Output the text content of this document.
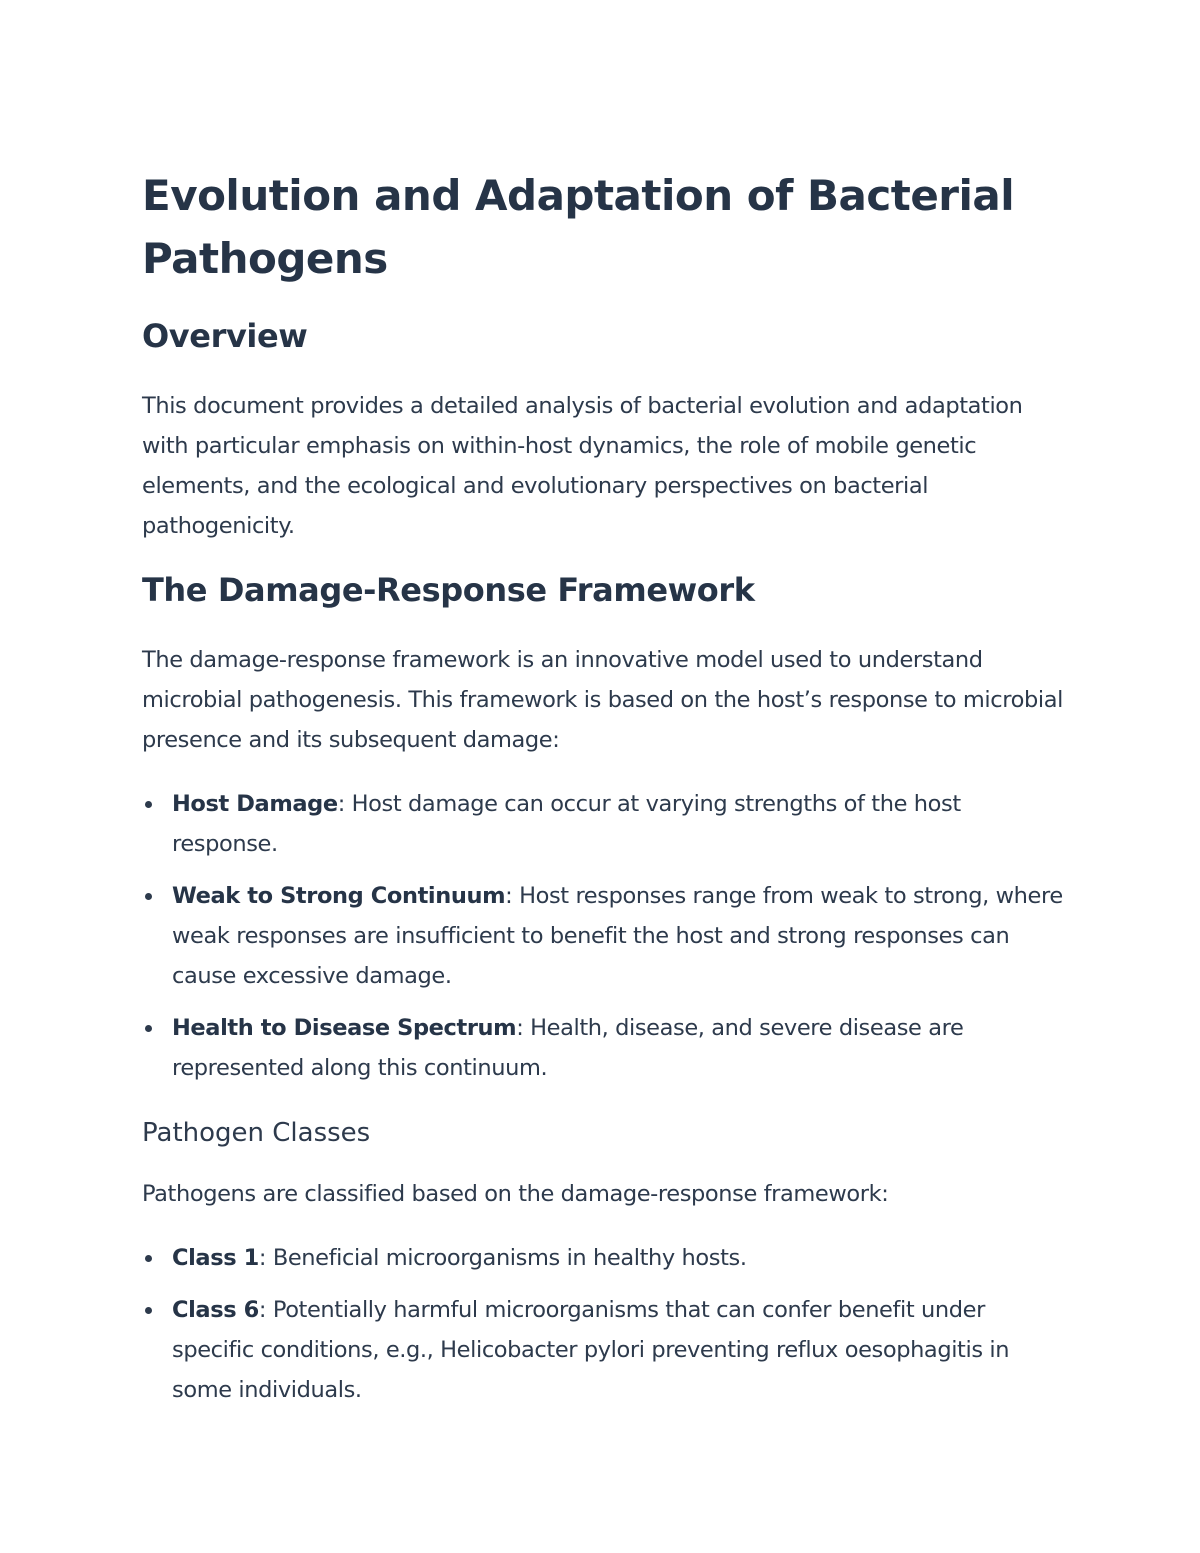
Evolution and Adaptation of Bacterial Pathogens
Overview

This document provides a detailed analysis of bacterial evolution and adaptation with particular emphasis on within-host dynamics, the role of mobile genetic elements, and the ecological and evolutionary perspectives on bacterial pathogenicity.

The Damage-Response Framework

The damage-response framework is an innovative model used to understand microbial pathogenesis. This framework is based on the host’s response to microbial presence and its subsequent damage:

Host Damage: Host damage can occur at varying strengths of the host response.
Weak to Strong Continuum: Host responses range from weak to strong, where weak responses are insufficient to benefit the host and strong responses can cause excessive damage.
Health to Disease Spectrum: Health, disease, and severe disease are represented along this continuum.
Pathogen Classes

Pathogens are classified based on the damage-response framework:

Class 1: Beneficial microorganisms in healthy hosts.
Class 6: Potentially harmful microorganisms that can confer benefit under specific conditions, e.g., Helicobacter pylori preventing reflux oesophagitis in some individuals.
